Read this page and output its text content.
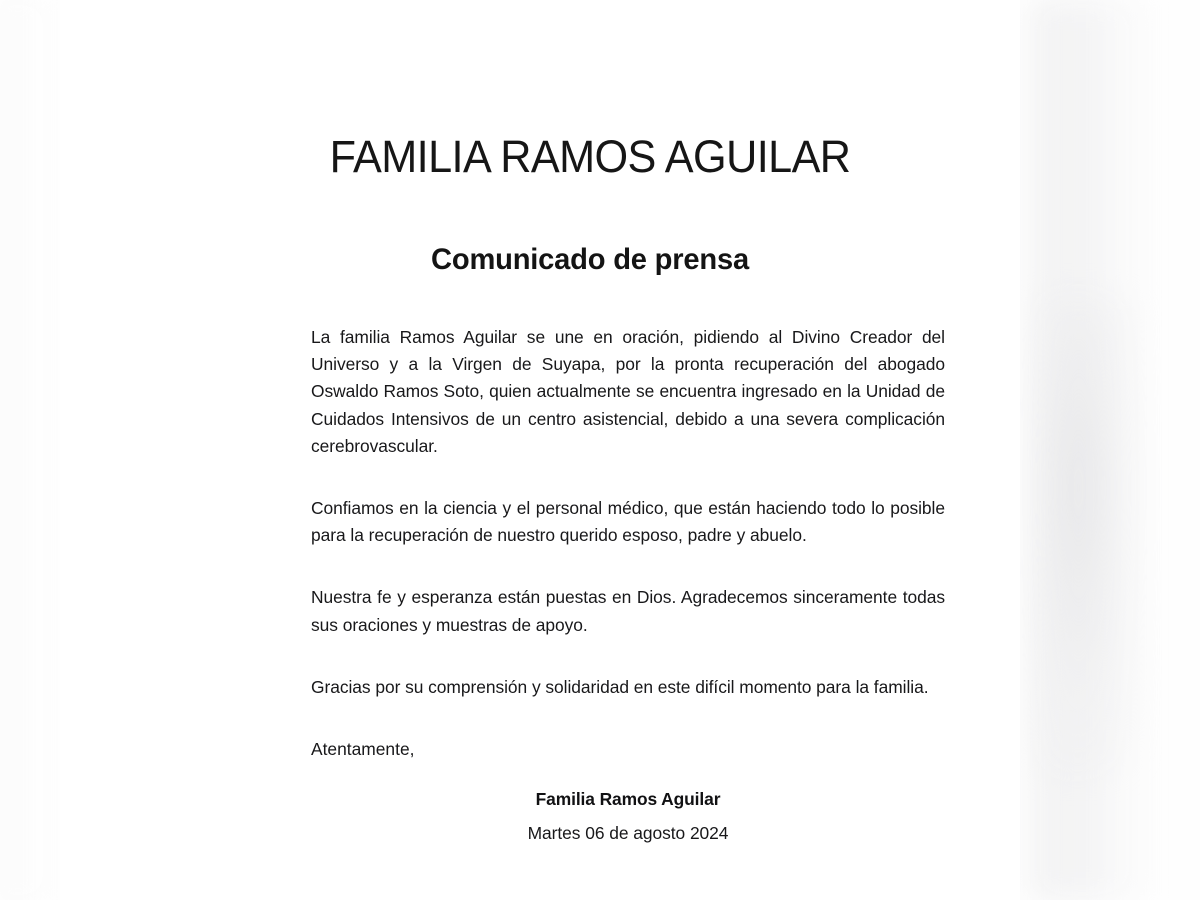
FAMILIA RAMOS AGUILAR
Comunicado de prensa

La familia Ramos Aguilar se une en oración, pidiendo al Divino Creador del Universo y a la Virgen de Suyapa, por la pronta recuperación del abogado Oswaldo Ramos Soto, quien actualmente se encuentra ingresado en la Unidad de Cuidados Intensivos de un centro asistencial, debido a una severa complicación cerebrovascular.

Confiamos en la ciencia y el personal médico, que están haciendo todo lo posible para la recuperación de nuestro querido esposo, padre y abuelo.

Nuestra fe y esperanza están puestas en Dios. Agradecemos sinceramente todas sus oraciones y muestras de apoyo.

Gracias por su comprensión y solidaridad en este difícil momento para la familia.

Atentamente,

Familia Ramos Aguilar

Martes 06 de agosto 2024
